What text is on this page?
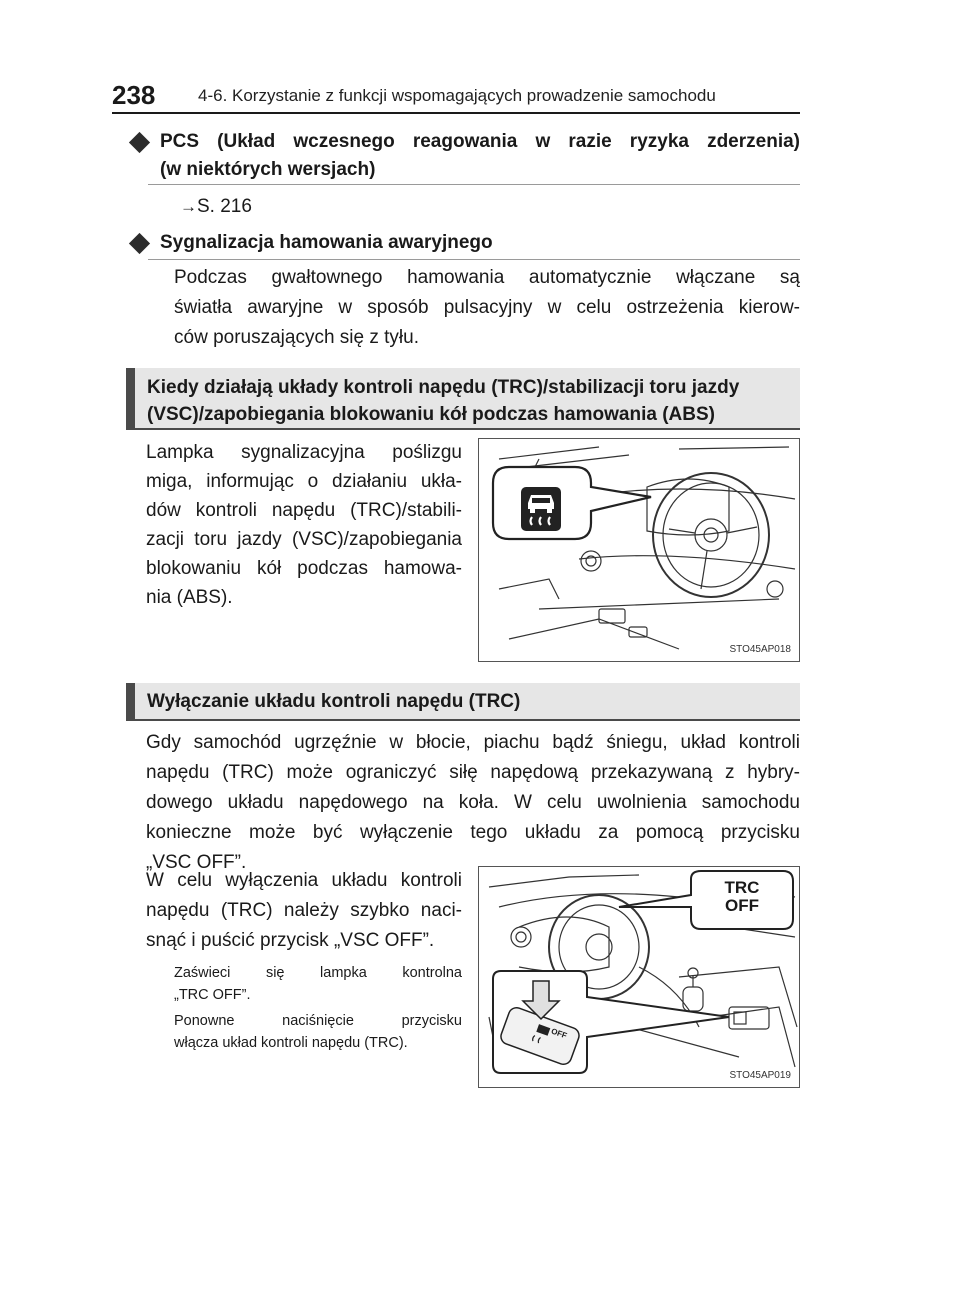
238	4-6. Korzystanie z funkcji wspomagających prowadzenie samochodu
PCS (Układ wczesnego reagowania w razie ryzyka zderzenia)
(w niektórych wersjach)
→S. 216
Sygnalizacja hamowania awaryjnego
Podczas gwałtownego hamowania automatycznie włączane są
światła awaryjne w sposób pulsacyjny w celu ostrzeżenia kierow-
ców poruszających się z tyłu.
Kiedy działają układy kontroli napędu (TRC)/stabilizacji toru jazdy
(VSC)/zapobiegania blokowaniu kół podczas hamowania (ABS)
Lampka sygnalizacyjna poślizgu
miga, informując o działaniu ukła-
dów kontroli napędu (TRC)/stabili-
zacji toru jazdy (VSC)/zapobiegania
blokowaniu kół podczas hamowa-
nia (ABS).
STO45AP018
Wyłączanie układu kontroli napędu (TRC)
Gdy samochód ugrzęźnie w błocie, piachu bądź śniegu, układ kontroli
napędu (TRC) może ograniczyć siłę napędową przekazywaną z hybry-
dowego układu napędowego na koła. W celu uwolnienia samochodu
konieczne może być wyłączenie tego układu za pomocą przycisku
„VSC OFF”.
W celu wyłączenia układu kontroli
napędu (TRC) należy szybko naci-
snąć i puścić przycisk „VSC OFF”.
Zaświeci się lampka kontrolna
„TRC OFF”.
Ponowne naciśnięcie przycisku
włącza układ kontroli napędu (TRC).
OFF
TRC
OFF
STO45AP019
